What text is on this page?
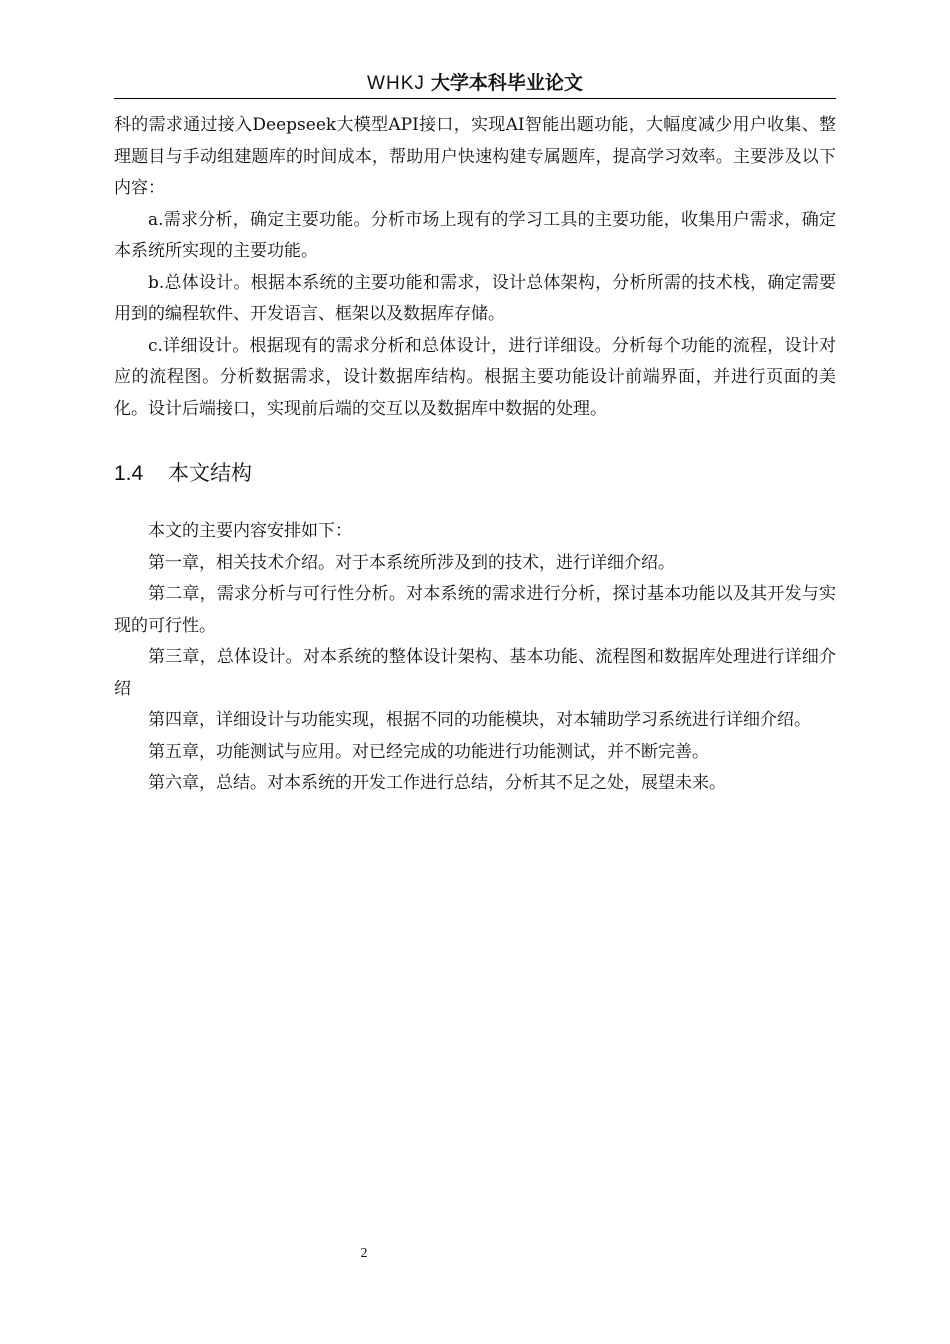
WHKJ 大学本科毕业论文

科的需求通过接入Deepseek大模型API接口，实现AI智能出题功能，大幅度减少用户收集、整理题目与手动组建题库的时间成本，帮助用户快速构建专属题库，提高学习效率。主要涉及以下内容：

a.需求分析，确定主要功能。分析市场上现有的学习工具的主要功能，收集用户需求，确定本系统所实现的主要功能。

b.总体设计。根据本系统的主要功能和需求，设计总体架构，分析所需的技术栈，确定需要用到的编程软件、开发语言、框架以及数据库存储。

c.详细设计。根据现有的需求分析和总体设计，进行详细设。分析每个功能的流程，设计对应的流程图。分析数据需求，设计数据库结构。根据主要功能设计前端界面，并进行页面的美化。设计后端接口，实现前后端的交互以及数据库中数据的处理。

1.4 本文结构

本文的主要内容安排如下：

第一章，相关技术介绍。对于本系统所涉及到的技术，进行详细介绍。

第二章，需求分析与可行性分析。对本系统的需求进行分析，探讨基本功能以及其开发与实现的可行性。

第三章，总体设计。对本系统的整体设计架构、基本功能、流程图和数据库处理进行详细介绍

第四章，详细设计与功能实现，根据不同的功能模块，对本辅助学习系统进行详细介绍。

第五章，功能测试与应用。对已经完成的功能进行功能测试，并不断完善。

第六章，总结。对本系统的开发工作进行总结，分析其不足之处，展望未来。

2
